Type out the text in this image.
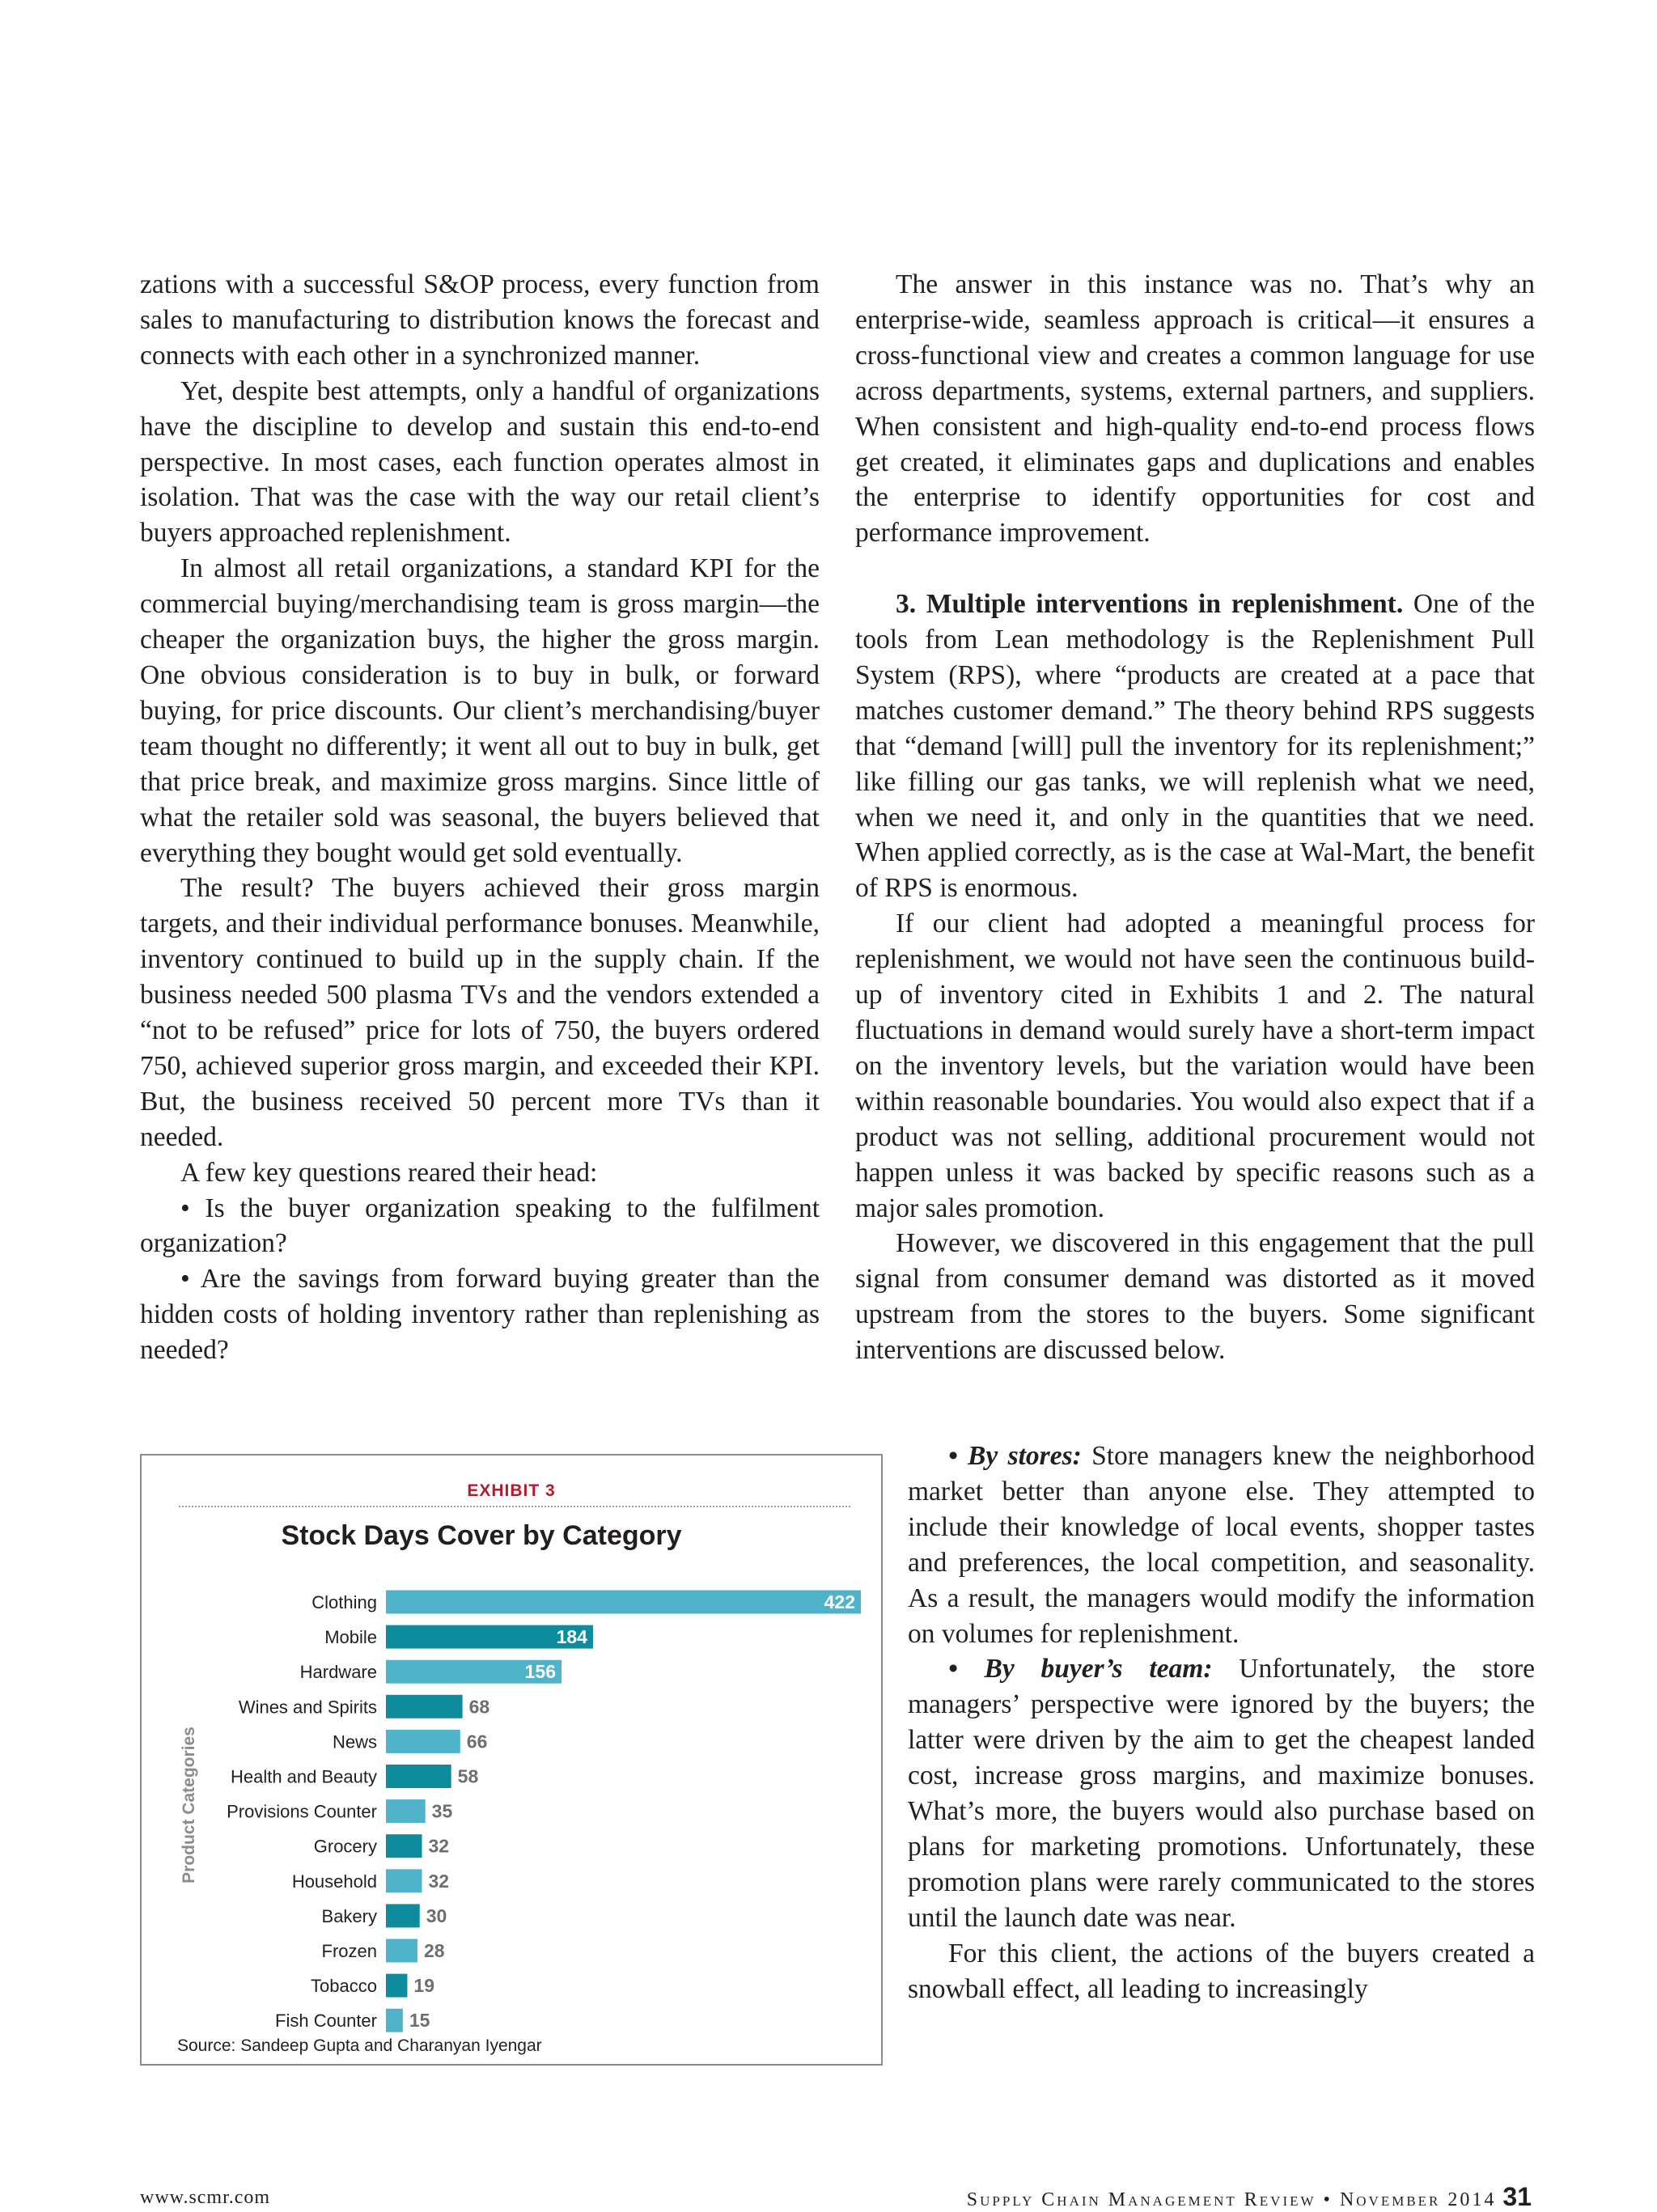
zations with a successful S&OP process, every function from sales to manufacturing to distribution knows the forecast and connects with each other in a synchronized manner.

Yet, despite best attempts, only a handful of organizations have the discipline to develop and sustain this end-to-end perspective. In most cases, each function operates almost in isolation. That was the case with the way our retail client’s buyers approached replenishment.

In almost all retail organizations, a standard KPI for the commercial buying/merchandising team is gross margin—the cheaper the organization buys, the higher the gross margin. One obvious consideration is to buy in bulk, or forward buying, for price discounts. Our client’s merchandising/buyer team thought no differently; it went all out to buy in bulk, get that price break, and maximize gross margins. Since little of what the retailer sold was seasonal, the buyers believed that everything they bought would get sold eventually.

The result? The buyers achieved their gross margin targets, and their individual performance bonuses. Meanwhile, inventory continued to build up in the supply chain. If the business needed 500 plasma TVs and the vendors extended a “not to be refused” price for lots of 750, the buyers ordered 750, achieved superior gross margin, and exceeded their KPI. But, the business received 50 percent more TVs than it needed.

A few key questions reared their head:

• Is the buyer organization speaking to the fulfilment organization?

• Are the savings from forward buying greater than the hidden costs of holding inventory rather than replenishing as needed?

The answer in this instance was no. That’s why an enterprise-wide, seamless approach is critical—it ensures a cross-functional view and creates a common language for use across departments, systems, external partners, and suppliers. When consistent and high-quality end-to-end process flows get created, it eliminates gaps and duplications and enables the enterprise to identify opportunities for cost and performance improvement.

3. Multiple interventions in replenishment. One of the tools from Lean methodology is the Replenishment Pull System (RPS), where “products are created at a pace that matches customer demand.” The theory behind RPS suggests that “demand [will] pull the inventory for its replenishment;” like filling our gas tanks, we will replenish what we need, when we need it, and only in the quantities that we need. When applied correctly, as is the case at Wal-Mart, the benefit of RPS is enormous.

If our client had adopted a meaningful process for replenishment, we would not have seen the continuous build-up of inventory cited in Exhibits 1 and 2. The natural fluctuations in demand would surely have a short-term impact on the inventory levels, but the variation would have been within reasonable boundaries. You would also expect that if a product was not selling, additional procurement would not happen unless it was backed by specific reasons such as a major sales promotion.

However, we discovered in this engagement that the pull signal from consumer demand was distorted as it moved upstream from the stores to the buyers. Some significant interventions are discussed below.

• By stores: Store managers knew the neighborhood market better than anyone else. They attempted to include their knowledge of local events, shopper tastes and preferences, the local competition, and seasonality. As a result, the managers would modify the information on volumes for replenishment.

• By buyer’s team: Unfortunately, the store managers’ perspective were ignored by the buyers; the latter were driven by the aim to get the cheapest landed cost, increase gross margins, and maximize bonuses. What’s more, the buyers would also purchase based on plans for marketing promotions. Unfortunately, these promotion plans were rarely communicated to the stores until the launch date was near.

For this client, the actions of the buyers created a snowball effect, all leading to increasingly

EXHIBIT 3
Stock Days Cover by Category
Clothing	422
Mobile	184
Hardware	156
Wines and Spirits	68
News	66
Health and Beauty	58
Provisions Counter	35
Grocery	32
Household	32
Bakery	30
Frozen	28
Tobacco 19
Fish Counter 15
Product Categories
Source: Sandeep Gupta and Charanyan Iyengar
www.scmr.com	Supply Chain Management Review • November 2014 31
